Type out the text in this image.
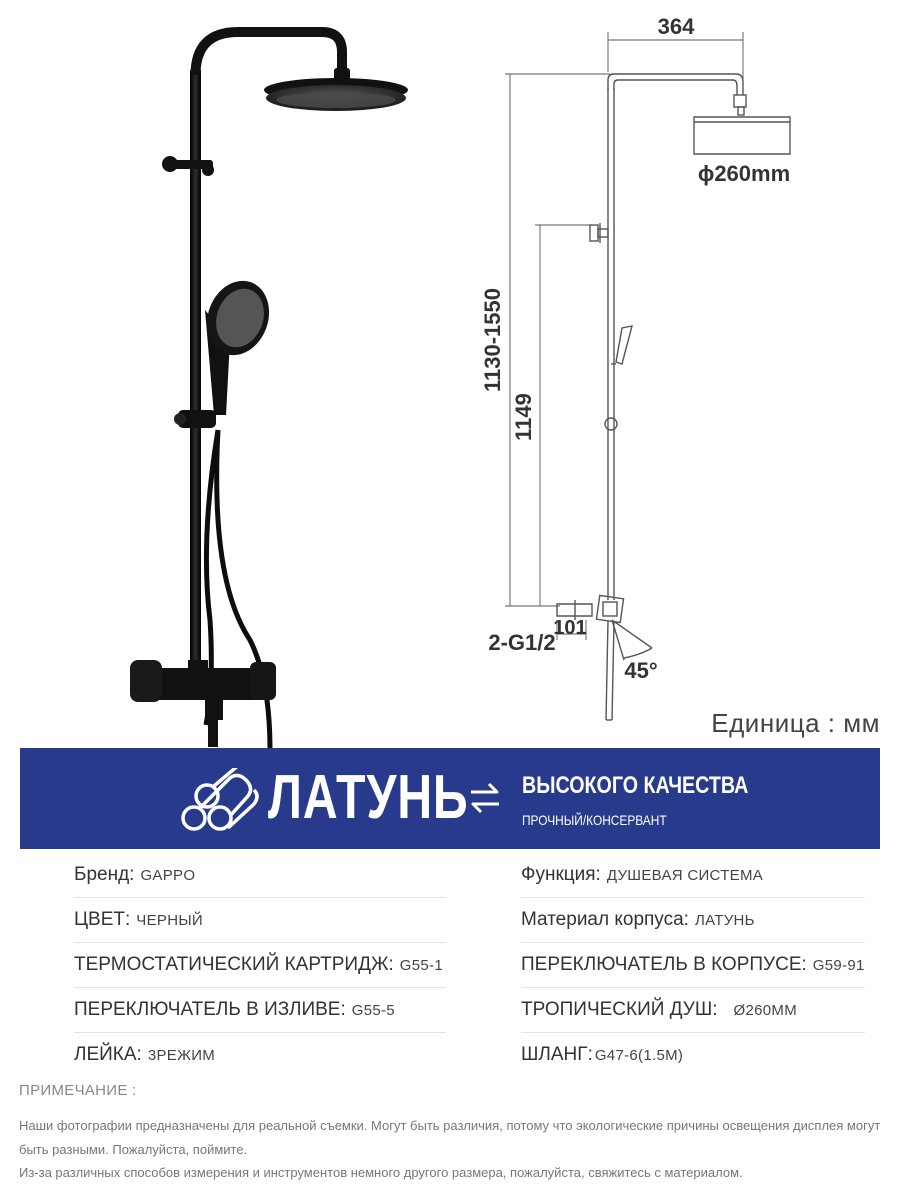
364
ϕ260mm
1130-1550
1149
101
2-G1/2
45°
Единица : мм
ЛАТУНЬ ВЫСОКОГО КАЧЕСТВА
ПРОЧНЫЙ/КОНСЕРВАНТ
Бренд: GAPPO
ЦВЕТ: ЧЕРНЫЙ
ТЕРМОСТАТИЧЕСКИЙ КАРТРИДЖ: G55-1
ПЕРЕКЛЮЧАТЕЛЬ В ИЗЛИВЕ: G55-5
ЛЕЙКА: 3РЕЖИМ
Функция: ДУШЕВАЯ СИСТЕМА
Материал корпуса: ЛАТУНЬ
ПЕРЕКЛЮЧАТЕЛЬ В КОРПУСЕ: G59-91
ТРОПИЧЕСКИЙ ДУШ: Ø260MM
ШЛАНГ: G47-6(1.5M)
ПРИМЕЧАНИЕ :
Наши фотографии предназначены для реальной съемки. Могут быть различия, потому что экологические причины освещения дисплея могут
быть разными. Пожалуйста, поймите.
Из-за различных способов измерения и инструментов немного другого размера, пожалуйста, свяжитесь с материалом.
